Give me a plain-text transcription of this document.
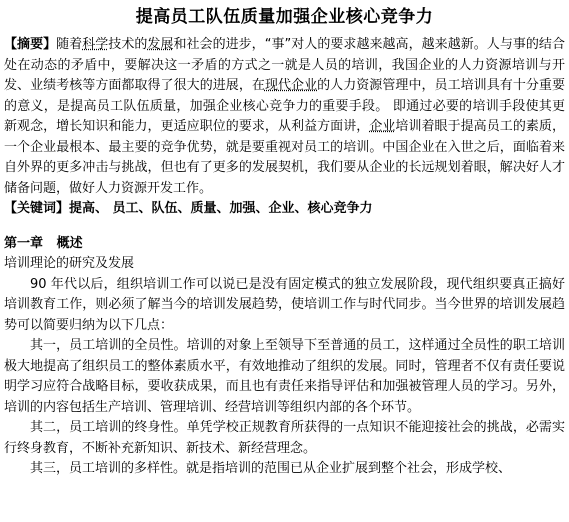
提高员工队伍质量加强企业核心竞争力

【摘要】随着科学技术的发展和社会的进步，“事”对人的要求越来越高，越来越新。人与事的结合处在动态的矛盾中，要解决这一矛盾的方式之一就是人员的培训，我国企业的人力资源培训与开发、业绩考核等方面都取得了很大的进展，在现代企业的人力资源管理中，员工培训具有十分重要的意义，是提高员工队伍质量，加强企业核心竞争力的重要手段。 即通过必要的培训手段使其更新观念，增长知识和能力，更适应职位的要求，从利益方面讲，企业培训着眼于提高员工的素质，一个企业最根本、最主要的竞争优势，就是要重视对员工的培训。中国企业在入世之后，面临着来自外界的更多冲击与挑战，但也有了更多的发展契机，我们要从企业的长远规划着眼，解决好人才储备问题，做好人力资源开发工作。

【关键词】提高、 员工、队伍、质量、加强、企业、核心竞争力

第一章   概述

培训理论的研究及发展

90 年代以后，组织培训工作可以说已是没有固定模式的独立发展阶段，现代组织要真正搞好培训教育工作，则必须了解当今的培训发展趋势，使培训工作与时代同步。当今世界的培训发展趋势可以简要归纳为以下几点：

其一，员工培训的全员性。培训的对象上至领导下至普通的员工，这样通过全员性的职工培训极大地提高了组织员工的整体素质水平，有效地推动了组织的发展。同时，管理者不仅有责任要说明学习应符合战略目标，要收获成果，而且也有责任来指导评估和加强被管理人员的学习。另外，培训的内容包括生产培训、管理培训、经营培训等组织内部的各个环节。

其二，员工培训的终身性。单凭学校正规教育所获得的一点知识不能迎接社会的挑战，必需实行终身教育，不断补充新知识、新技术、新经营理念。

其三，员工培训的多样性。就是指培训的范围已从企业扩展到整个社会，形成学校、
